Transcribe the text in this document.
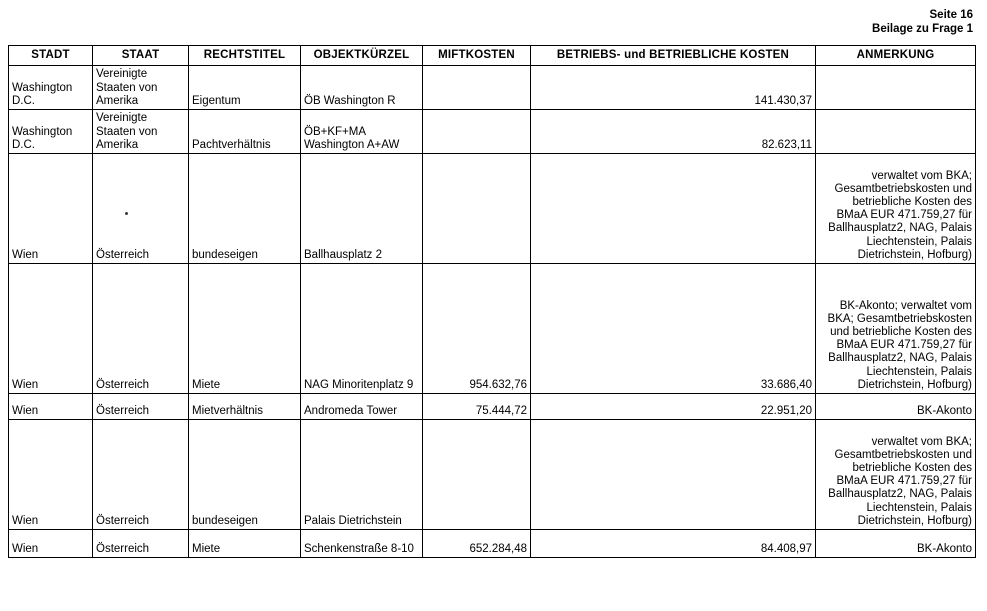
Seite 16
Beilage zu Frage 1
STADT	STAAT	RECHTSTITEL	OBJEKTKÜRZEL	MIFTKOSTEN	BETRIEBS- und BETRIEBLICHE KOSTEN	ANMERKUNG
Washington D.C.	Vereinigte Staaten von Amerika	Eigentum	ÖB Washington R		141.430,37	
Washington D.C.	Vereinigte Staaten von Amerika	Pachtverhältnis	ÖB+KF+MA Washington A+AW		82.623,11	
Wien	Österreich	bundeseigen	Ballhausplatz 2			verwaltet vom BKA; Gesamtbetriebskosten und betriebliche Kosten des BMaA EUR 471.759,27 für Ballhausplatz2, NAG, Palais Liechtenstein, Palais Dietrichstein, Hofburg)
Wien	Österreich	Miete	NAG Minoritenplatz 9	954.632,76	33.686,40	BK-Akonto; verwaltet vom BKA; Gesamtbetriebskosten und betriebliche Kosten des BMaA EUR 471.759,27 für Ballhausplatz2, NAG, Palais Liechtenstein, Palais Dietrichstein, Hofburg)
Wien	Österreich	Mietverhältnis	Andromeda Tower	75.444,72	22.951,20	BK-Akonto
Wien	Österreich	bundeseigen	Palais Dietrichstein			verwaltet vom BKA; Gesamtbetriebskosten und betriebliche Kosten des BMaA EUR 471.759,27 für Ballhausplatz2, NAG, Palais Liechtenstein, Palais Dietrichstein, Hofburg)
Wien	Österreich	Miete	Schenkenstraße 8-10	652.284,48	84.408,97	BK-Akonto
